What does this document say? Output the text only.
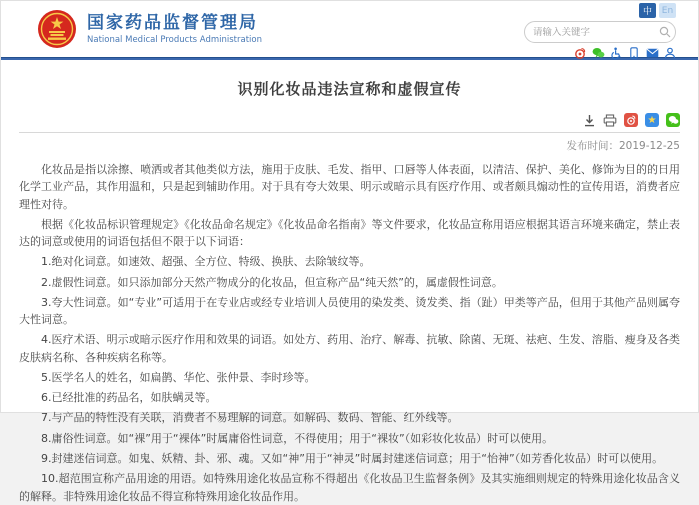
国家药品监督管理局
National Medical Products Administration
中	En
请输入关键字
识别化妆品违法宣称和虚假宣传
★
发布时间：2019-12-25

化妆品是指以涂擦、喷洒或者其他类似方法，施用于皮肤、毛发、指甲、口唇等人体表面，以清洁、保护、美化、修饰为目的的日用化学工业产品，其作用温和，只是起到辅助作用。对于具有夸大效果、明示或暗示具有医疗作用、或者颇具煽动性的宣传用语，消费者应理性对待。

根据《化妆品标识管理规定》《化妆品命名规定》《化妆品命名指南》等文件要求，化妆品宣称用语应根据其语言环境来确定，禁止表达的词意或使用的词语包括但不限于以下词语：

1.绝对化词意。如速效、超强、全方位、特级、换肤、去除皱纹等。

2.虚假性词意。如只添加部分天然产物成分的化妆品，但宣称产品“纯天然”的，属虚假性词意。

3.夸大性词意。如“专业”可适用于在专业店或经专业培训人员使用的染发类、烫发类、指（趾）甲类等产品，但用于其他产品则属夸大性词意。

4.医疗术语、明示或暗示医疗作用和效果的词语。如处方、药用、治疗、解毒、抗敏、除菌、无斑、祛疤、生发、溶脂、瘦身及各类皮肤病名称、各种疾病名称等。

5.医学名人的姓名，如扁鹊、华佗、张仲景、李时珍等。

6.已经批准的药品名，如肤螨灵等。

7.与产品的特性没有关联，消费者不易理解的词意。如解码、数码、智能、红外线等。

8.庸俗性词意。如“裸”用于“裸体”时属庸俗性词意，不得使用；用于“裸妆”（如彩妆化妆品）时可以使用。

9.封建迷信词意。如鬼、妖精、卦、邪、魂。又如“神”用于“神灵”时属封建迷信词意；用于“怡神”（如芳香化妆品）时可以使用。

10.超范围宣称产品用途的用语。如特殊用途化妆品宣称不得超出《化妆品卫生监督条例》及其实施细则规定的特殊用途化妆品含义的解释。非特殊用途化妆品不得宣称特殊用途化妆品作用。
